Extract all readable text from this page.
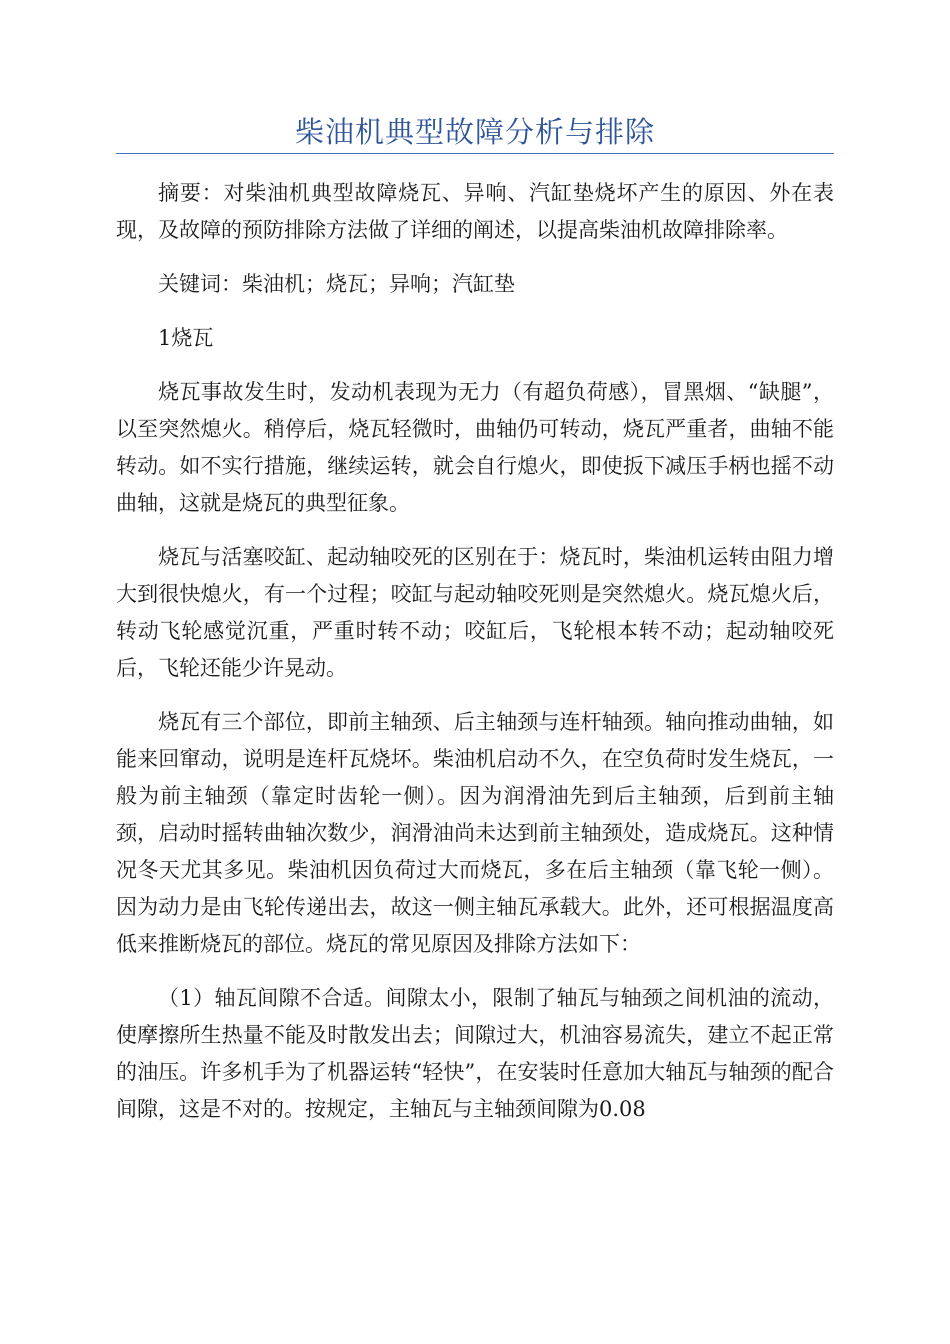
柴油机典型故障分析与排除

摘要：对柴油机典型故障烧瓦、异响、汽缸垫烧坏产生的原因、外在表现，及故障的预防排除方法做了详细的阐述，以提高柴油机故障排除率。

关键词：柴油机；烧瓦；异响；汽缸垫

1烧瓦

烧瓦事故发生时，发动机表现为无力（有超负荷感），冒黑烟、“缺腿”，以至突然熄火。稍停后，烧瓦轻微时，曲轴仍可转动，烧瓦严重者，曲轴不能转动。如不实行措施，继续运转，就会自行熄火，即使扳下减压手柄也摇不动曲轴，这就是烧瓦的典型征象。

烧瓦与活塞咬缸、起动轴咬死的区别在于：烧瓦时，柴油机运转由阻力增大到很快熄火，有一个过程；咬缸与起动轴咬死则是突然熄火。烧瓦熄火后，转动飞轮感觉沉重，严重时转不动；咬缸后，飞轮根本转不动；起动轴咬死后，飞轮还能少许晃动。

烧瓦有三个部位，即前主轴颈、后主轴颈与连杆轴颈。轴向推动曲轴，如能来回窜动，说明是连杆瓦烧坏。柴油机启动不久，在空负荷时发生烧瓦，一般为前主轴颈（靠定时齿轮一侧）。因为润滑油先到后主轴颈，后到前主轴颈，启动时摇转曲轴次数少，润滑油尚未达到前主轴颈处，造成烧瓦。这种情况冬天尤其多见。柴油机因负荷过大而烧瓦，多在后主轴颈（靠飞轮一侧）。因为动力是由飞轮传递出去，故这一侧主轴瓦承载大。此外，还可根据温度高低来推断烧瓦的部位。烧瓦的常见原因及排除方法如下：

（1）轴瓦间隙不合适。间隙太小，限制了轴瓦与轴颈之间机油的流动，使摩擦所生热量不能及时散发出去；间隙过大，机油容易流失，建立不起正常的油压。许多机手为了机器运转“轻快”，在安装时任意加大轴瓦与轴颈的配合间隙，这是不对的。按规定，主轴瓦与主轴颈间隙为0.08
